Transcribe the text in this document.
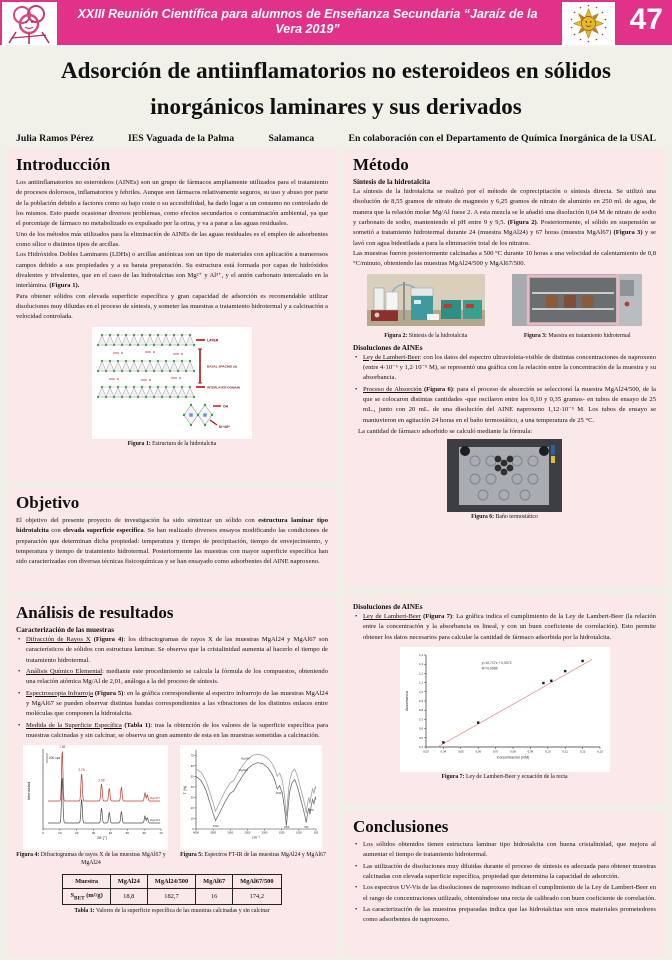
XXIII Reunión Científica para alumnos de Enseñanza Secundaria “Jaraíz de la Vera 2019”	47
Adsorción de antiinflamatorios no esteroideos en sólidos
inorgánicos laminares y sus derivados
Julia Ramos Pérez	IES Vaguada de la Palma	Salamanca	En colaboración con el Departamento de Química Inorgánica de la USAL
Introducción

Los antiinflamatorios no esteroideos (AINEs) son un grupo de fármacos ampliamente utilizados para el tratamiento de procesos dolorosos, inflamatorios y febriles. Aunque son fármacos relativamente seguros, su uso y abuso por parte de la población debido a factores como su bajo coste o su accesibilidad, ha dado lugar a un consumo no controlado de los mismos. Esto puede ocasionar diversos problemas, como efectos secundarios o contaminación ambiental, ya que el porcentaje de fármaco no metabolizado es expulsado por la orina, y va a parar a las aguas residuales.

Uno de los métodos más utilizados para la eliminación de AINEs de las aguas residuales es el empleo de adsorbentes como sílice o distintos tipos de arcillas.

Los Hidróxidos Dobles Laminares (LDHs) o arcillas aniónicas son un tipo de materiales con aplicación a numerosos campos debido a sus propiedades y a su barata preparación. Su estructura está formada por capas de hidróxidos divalentes y trivalentes, que en el caso de las hidrotalcitas son Mg²⁺ y Al³⁺, y el anión carbonato intercalado en la interlámina. (Figura 1).

Para obtener sólidos con elevada superficie específica y gran capacidad de adsorción es recomendable utilizar disoluciones muy diluidas en el proceso de síntesis, y someter las muestras a tratamiento hidrotermal y a calcinación a velocidad controlada.

LAYER
BASAL SPACING (d)
INTERLAYER DOMAIN
OH
M²⁺/M³⁺
Figura 1: Estructura de la hidrotalcita
Objetivo

El objetivo del presente proyecto de investigación ha sido sintetizar un sólido con estructura laminar tipo hidrotalcita con elevada superficie específica. Se han realizado diversos ensayos modificando las condiciones de preparación que determinan dicha propiedad: temperatura y tiempo de precipitación, tiempo de envejecimiento, y temperatura y tiempo de tratamiento hidrotermal. Posteriormente las muestras con mayor superficie específica han sido caracterizadas con diversas técnicas fisicoquímicas y se han ensayado como adsorbentes del AINE naproxeno.

Análisis de resultados
Caracterización de las muestras
• Difracción de Rayos X (Figura 4): los difractogramas de rayos X de las muestras MgAl24 y MgAl67 son característicos de sólidos con estructura laminar. Se observa que la cristalinidad aumenta al hacerlo el tiempo de tratamiento hidrotermal.
• Análisis Químico Elemental: mediante este procedimiento se calcula la fórmula de los compuestos, obteniendo una relación atómica Mg/Al de 2,01, análoga a la del proceso de síntesis.
• Espectroscopia Infrarroja (Figura 5): en la gráfica correspondiente al espectro infrarrojo de las muestras MgAl24 y MgAl67 se pueden observar distintas bandas correspondientes a las vibraciones de los distintos enlaces entre moléculas que componen la hidrotalcita.
• Medida de la Superficie Específica (Tabla 1): tras la obtención de los valores de la superficie específica para muestras calcinadas y sin calcinar, se observa un gran aumento de esta en las muestras sometidas a calcinación.
0	10	20	30	40	50	60	70
2θ (°)
Intensidad	MgAl67
MgAl24
200 cps
7.58
3.76
2.58
4000	3500	3000	2500	2000	1500	1000	500
0
10
20
30
40
50
60
70
cm⁻¹
T (%)
MgAl67
MgAl24
3430
1630
1363	784
678
Figura 4: Difractogramas de rayos X de las muestras MgAl67 y MgAl24
Figura 5: Espectros FT-IR de las muestras MgAl24 y MgAl67
Muestra	MgAl24	MgAl24/500	MgAl67	MgAl67/500
$S_{BET}$ (m²/g)	18,8	182,7	16	174,2
Tabla 1: Valores de la superficie específica de las muestras calcinadas y sin calcinar
Método
Síntesis de la hidrotalcita

La síntesis de la hidrotalcita se realizó por el método de coprecipitación o síntesis directa. Se utilizó una disolución de 8,55 gramos de nitrato de magnesio y 6,25 gramos de nitrato de aluminio en 250 ml. de agua, de manera que la relación molar Mg/Al fuese 2. A esta mezcla se le añadió una disolución 0,64 M de nitrato de sodio y carbonato de sodio, manteniendo el pH entre 9 y 9,5. (Figura 2). Posteriormente, el sólido en suspensión se sometió a tratamiento hidrotermal durante 24 (muestra MgAl24) y 67 horas (muestra MgAl67) (Figura 3) y se lavó con agua bidestilada a para la eliminación total de los nitratos.

Las muestras fueron posteriormente calcinadas a 500 °C durante 10 horas a una velocidad de calentamiento de 0,8 °C/minuto, obteniendo las muestras MgAl24/500 y MgAl67/500.

Figura 2: Síntesis de la hidrotalcita	Figura 3: Muestra en tratamiento hidrotermal
Disoluciones de AINEs
• Ley de Lambert-Beer: con los datos del espectro ultravioleta-visible de distintas concentraciones de naproxeno (entre 4·10⁻⁶ y 1,2·10⁻⁵ M), se representó una gráfica con la relación entre la concentración de la muestra y su absorbancia.
• Proceso de Absorción (Figura 6): para el proceso de absorción se seleccionó la muestra MgAl24/500, de la que se colocaron distintas cantidades -que oscilaron entre los 0,10 y 0,35 gramos- en tubos de ensayo de 25 mL., junto con 20 mL. de una disolución del AINE naproxeno 1,12·10⁻⁵ M. Los tubos de ensayo se mantuvieron en agitación 24 horas en el baño termostático, a una temperatura de 25 °C.

La cantidad de fármaco adsorbido se calculó mediante la fórmula:

Figura 6: Baño termostático
Disoluciones de AINEs
• Ley de Lambert-Beer (Figura 7): La gráfica indica el cumplimiento de la Ley de Lambert-Beer (la relación entre la concentración y la absorbancia es lineal, y con un buen coeficiente de correlación). Esto permite obtener los datos necesarios para calcular la cantidad de fármaco adsorbida por la hidrotalcita.
0,03	0,04	0,05	0,06	0,07	0,08	0,09	0,10	0,11	0,12	0,13
0,4
0,5
0,6
0,7
0,8
0,9
1,0
1,1
1,2
1,3
1,4
Concentración (mM)
Absorbancia
y=10,717x + 0,0072
R²=0,9986
Figura 7: Ley de Lambert-Beer y ecuación de la recta
Conclusiones
• Los sólidos obtenidos tienen estructura laminar tipo hidrotalcita con buena cristalinidad, que mejora al aumentar el tiempo de tratamiento hidrotermal.
• Las utilización de disoluciones muy diluidas durante el proceso de síntesis es adecuada para obtener muestras calcinadas con elevada superficie específica, propiedad que determina la capacidad de adsorción.
• Los espectros UV-Vis de las disoluciones de naproxeno indican el cumplimiento de la Ley de Lambert-Beer en el rango de concentraciones utilizado, obteniéndose una recta de calibrado con buen coeficiente de correlación.
• La caracterización de las muestras preparadas indica que las hidrotalcitas son unos materiales prometedores como adsorbentes de naproxeno.
